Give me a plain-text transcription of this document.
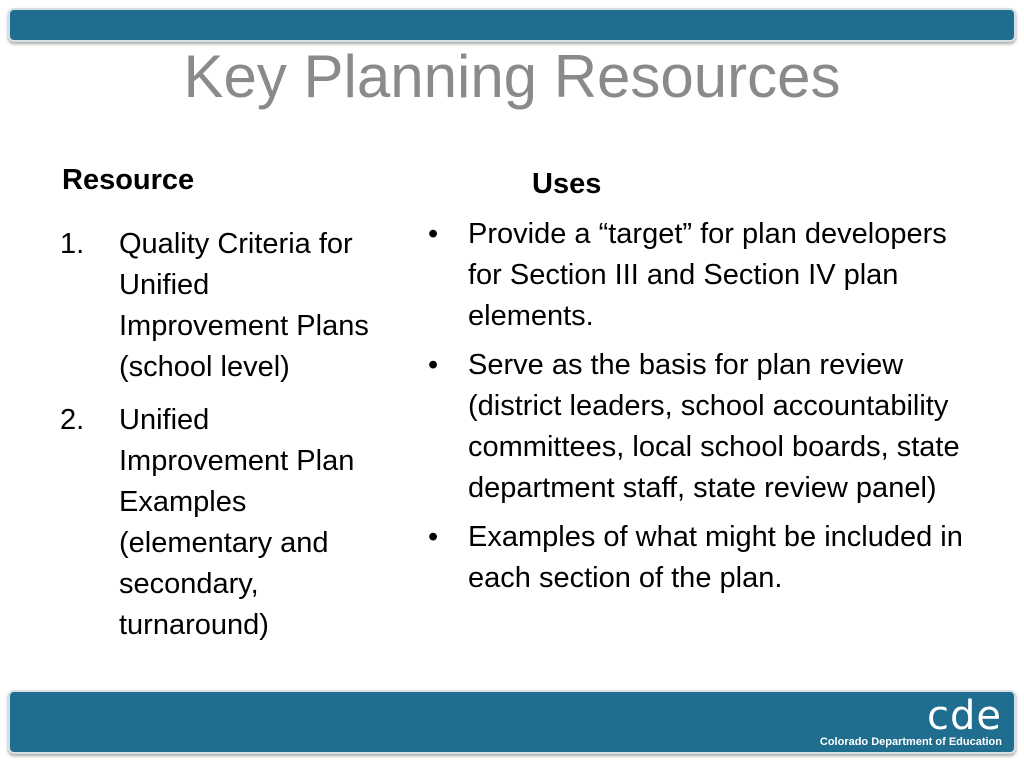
Key Planning Resources
Resource	Uses
1.	Quality Criteria for Unified Improvement Plans (school level)
2.	Unified Improvement Plan Examples (elementary and secondary, turnaround)
•	Provide a “target” for plan developers for Section III and Section IV plan elements.
•	Serve as the basis for plan review (district leaders, school accountability committees, local school boards, state department staff, state review panel)
•	Examples of what might be included in each section of the plan.
cde
Colorado Department of Education
